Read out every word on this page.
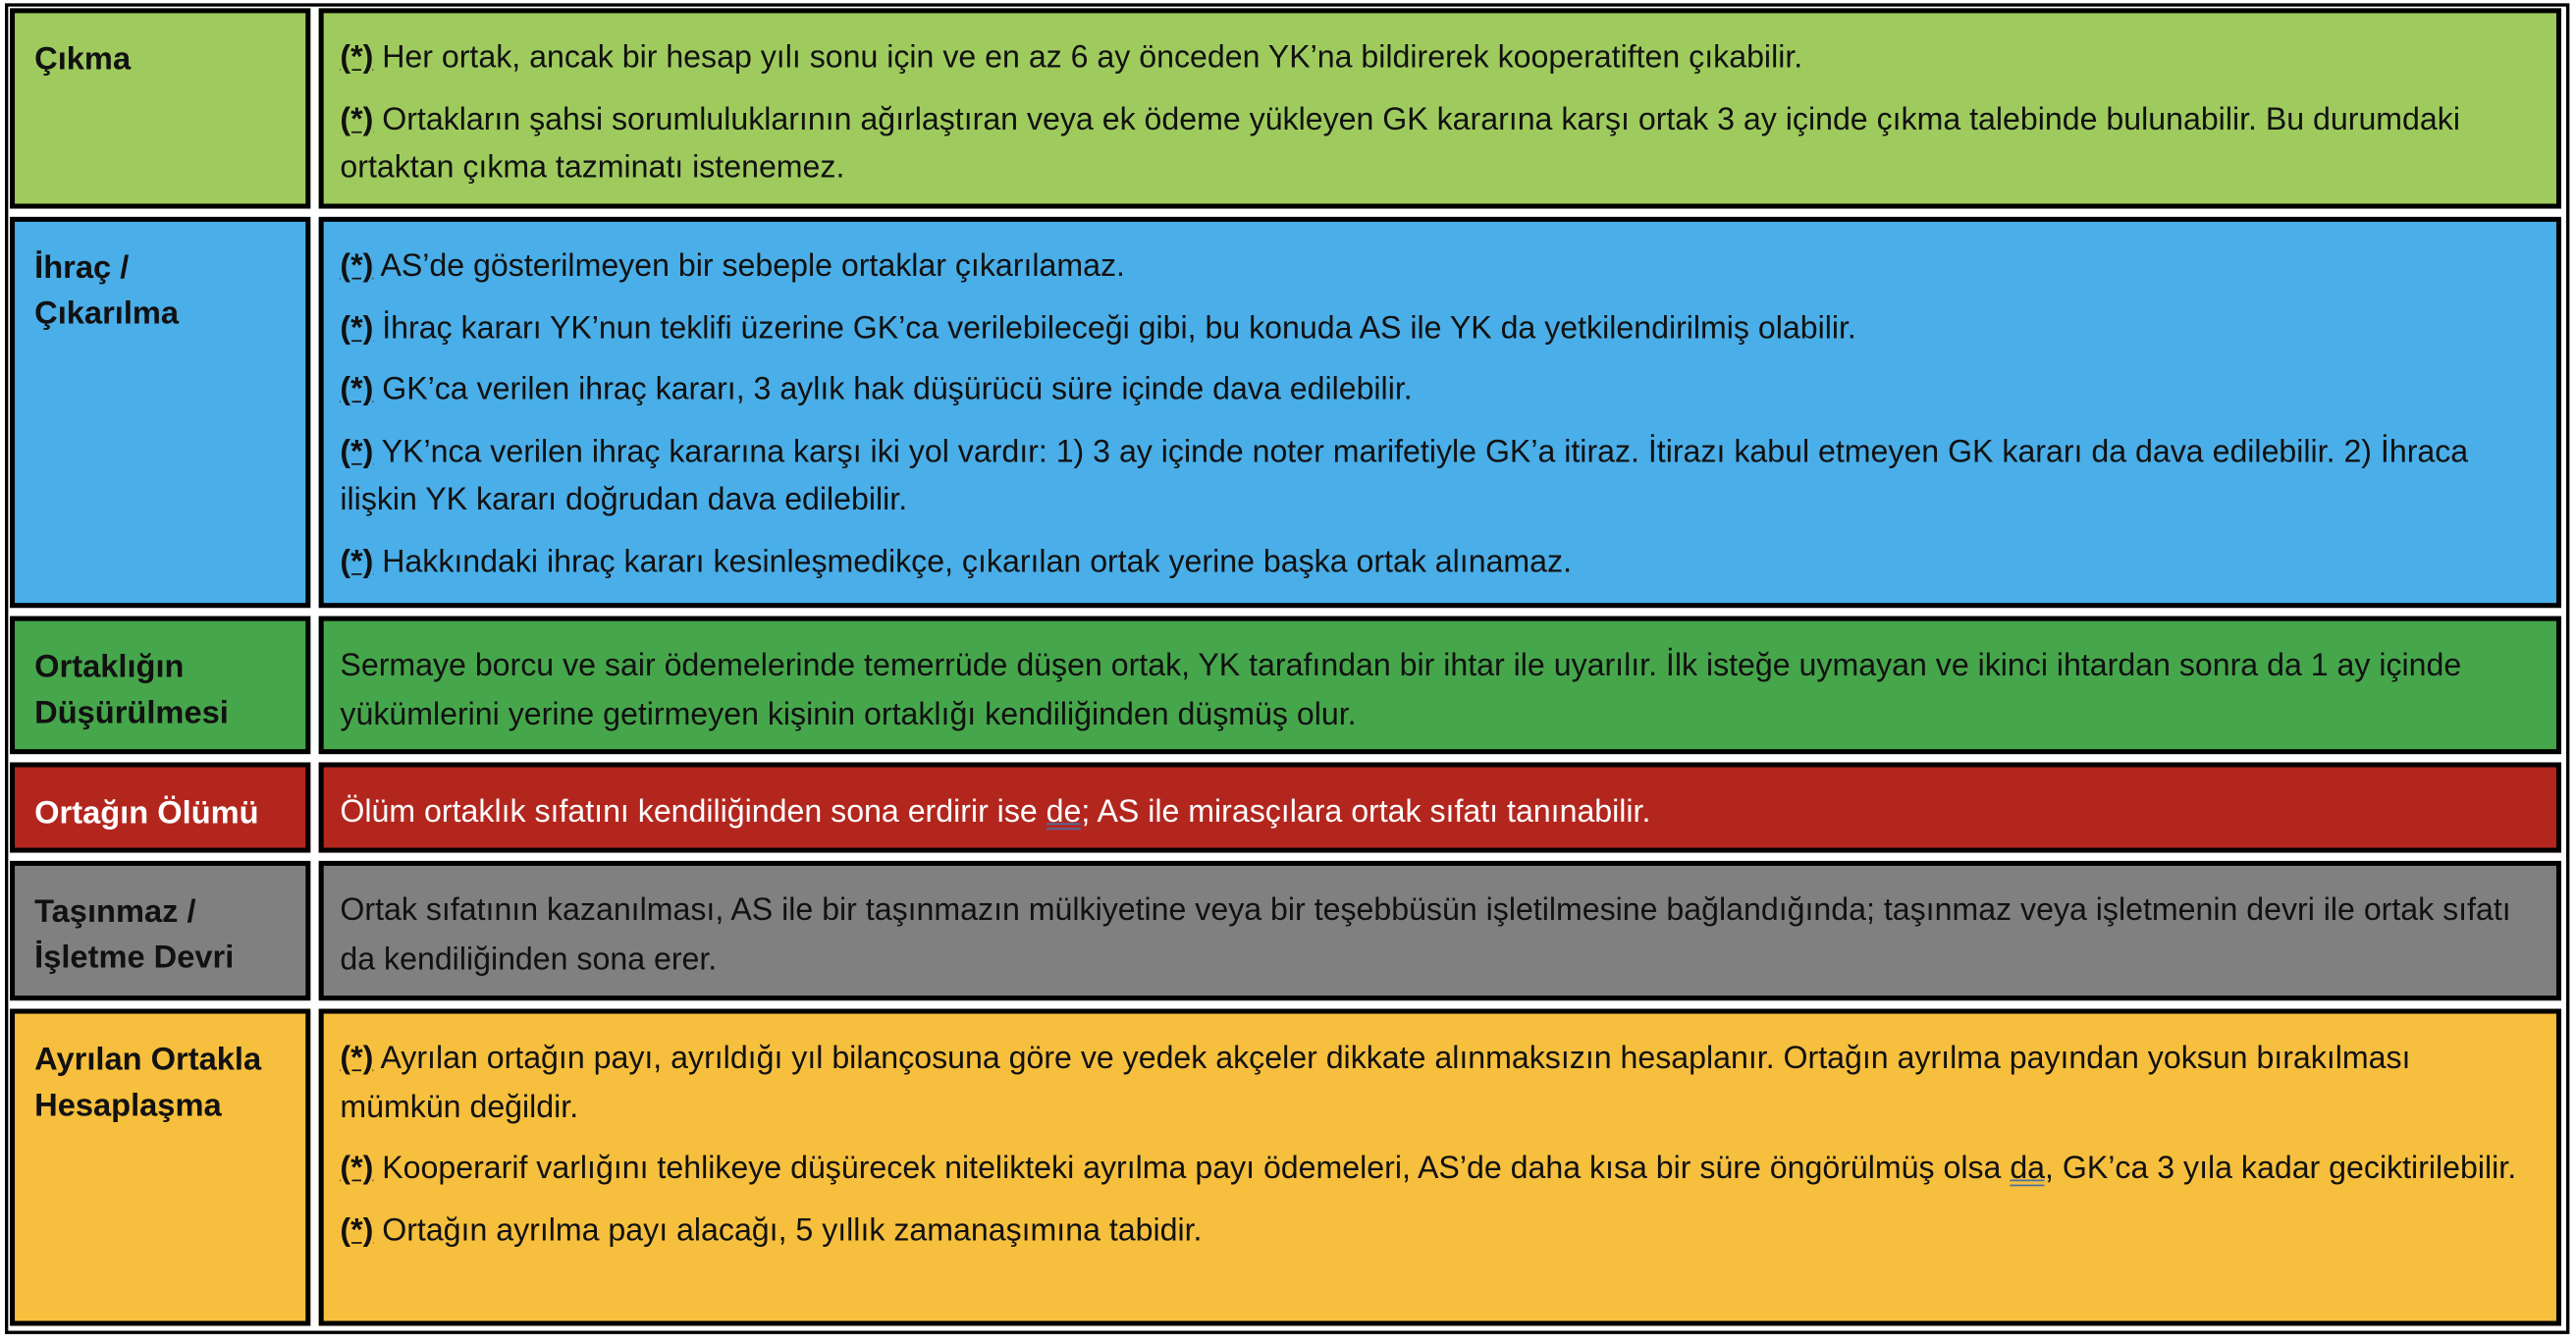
Çıkma	(*) Her ortak, ancak bir hesap yılı sonu için ve en az 6 ay önceden YK’na bildirerek kooperatiften çıkabilir.
(*) Ortakların şahsi sorumluluklarının ağırlaştıran veya ek ödeme yükleyen GK kararına karşı ortak 3 ay içinde çıkma talebinde bulunabilir. Bu durumdaki ortaktan çıkma tazminatı istenemez.
İhraç /
Çıkarılma
(*) AS’de gösterilmeyen bir sebeple ortaklar çıkarılamaz.
(*) İhraç kararı YK’nun teklifi üzerine GK’ca verilebileceği gibi, bu konuda AS ile YK da yetkilendirilmiş olabilir.
(*) GK’ca verilen ihraç kararı, 3 aylık hak düşürücü süre içinde dava edilebilir.
(*) YK’nca verilen ihraç kararına karşı iki yol vardır: 1) 3 ay içinde noter marifetiyle GK’a itiraz. İtirazı kabul etmeyen GK kararı da dava edilebilir. 2) İhraca ilişkin YK kararı doğrudan dava edilebilir.
(*) Hakkındaki ihraç kararı kesinleşmedikçe, çıkarılan ortak yerine başka ortak alınamaz.
Ortaklığın
Düşürülmesi
Sermaye borcu ve sair ödemelerinde temerrüde düşen ortak, YK tarafından bir ihtar ile uyarılır. İlk isteğe uymayan ve ikinci ihtardan sonra da 1 ay içinde yükümlerini yerine getirmeyen kişinin ortaklığı kendiliğinden düşmüş olur.
Ortağın Ölümü	Ölüm ortaklık sıfatını kendiliğinden sona erdirir ise de; AS ile mirasçılara ortak sıfatı tanınabilir.
Taşınmaz /
İşletme Devri
Ortak sıfatının kazanılması, AS ile bir taşınmazın mülkiyetine veya bir teşebbüsün işletilmesine bağlandığında; taşınmaz veya işletmenin devri ile ortak sıfatı da kendiliğinden sona erer.
Ayrılan Ortakla
Hesaplaşma
(*) Ayrılan ortağın payı, ayrıldığı yıl bilançosuna göre ve yedek akçeler dikkate alınmaksızın hesaplanır. Ortağın ayrılma payından yoksun bırakılması mümkün değildir.
(*) Kooperarif varlığını tehlikeye düşürecek nitelikteki ayrılma payı ödemeleri, AS’de daha kısa bir süre öngörülmüş olsa da, GK’ca 3 yıla kadar geciktirilebilir.
(*) Ortağın ayrılma payı alacağı, 5 yıllık zamanaşımına tabidir.
